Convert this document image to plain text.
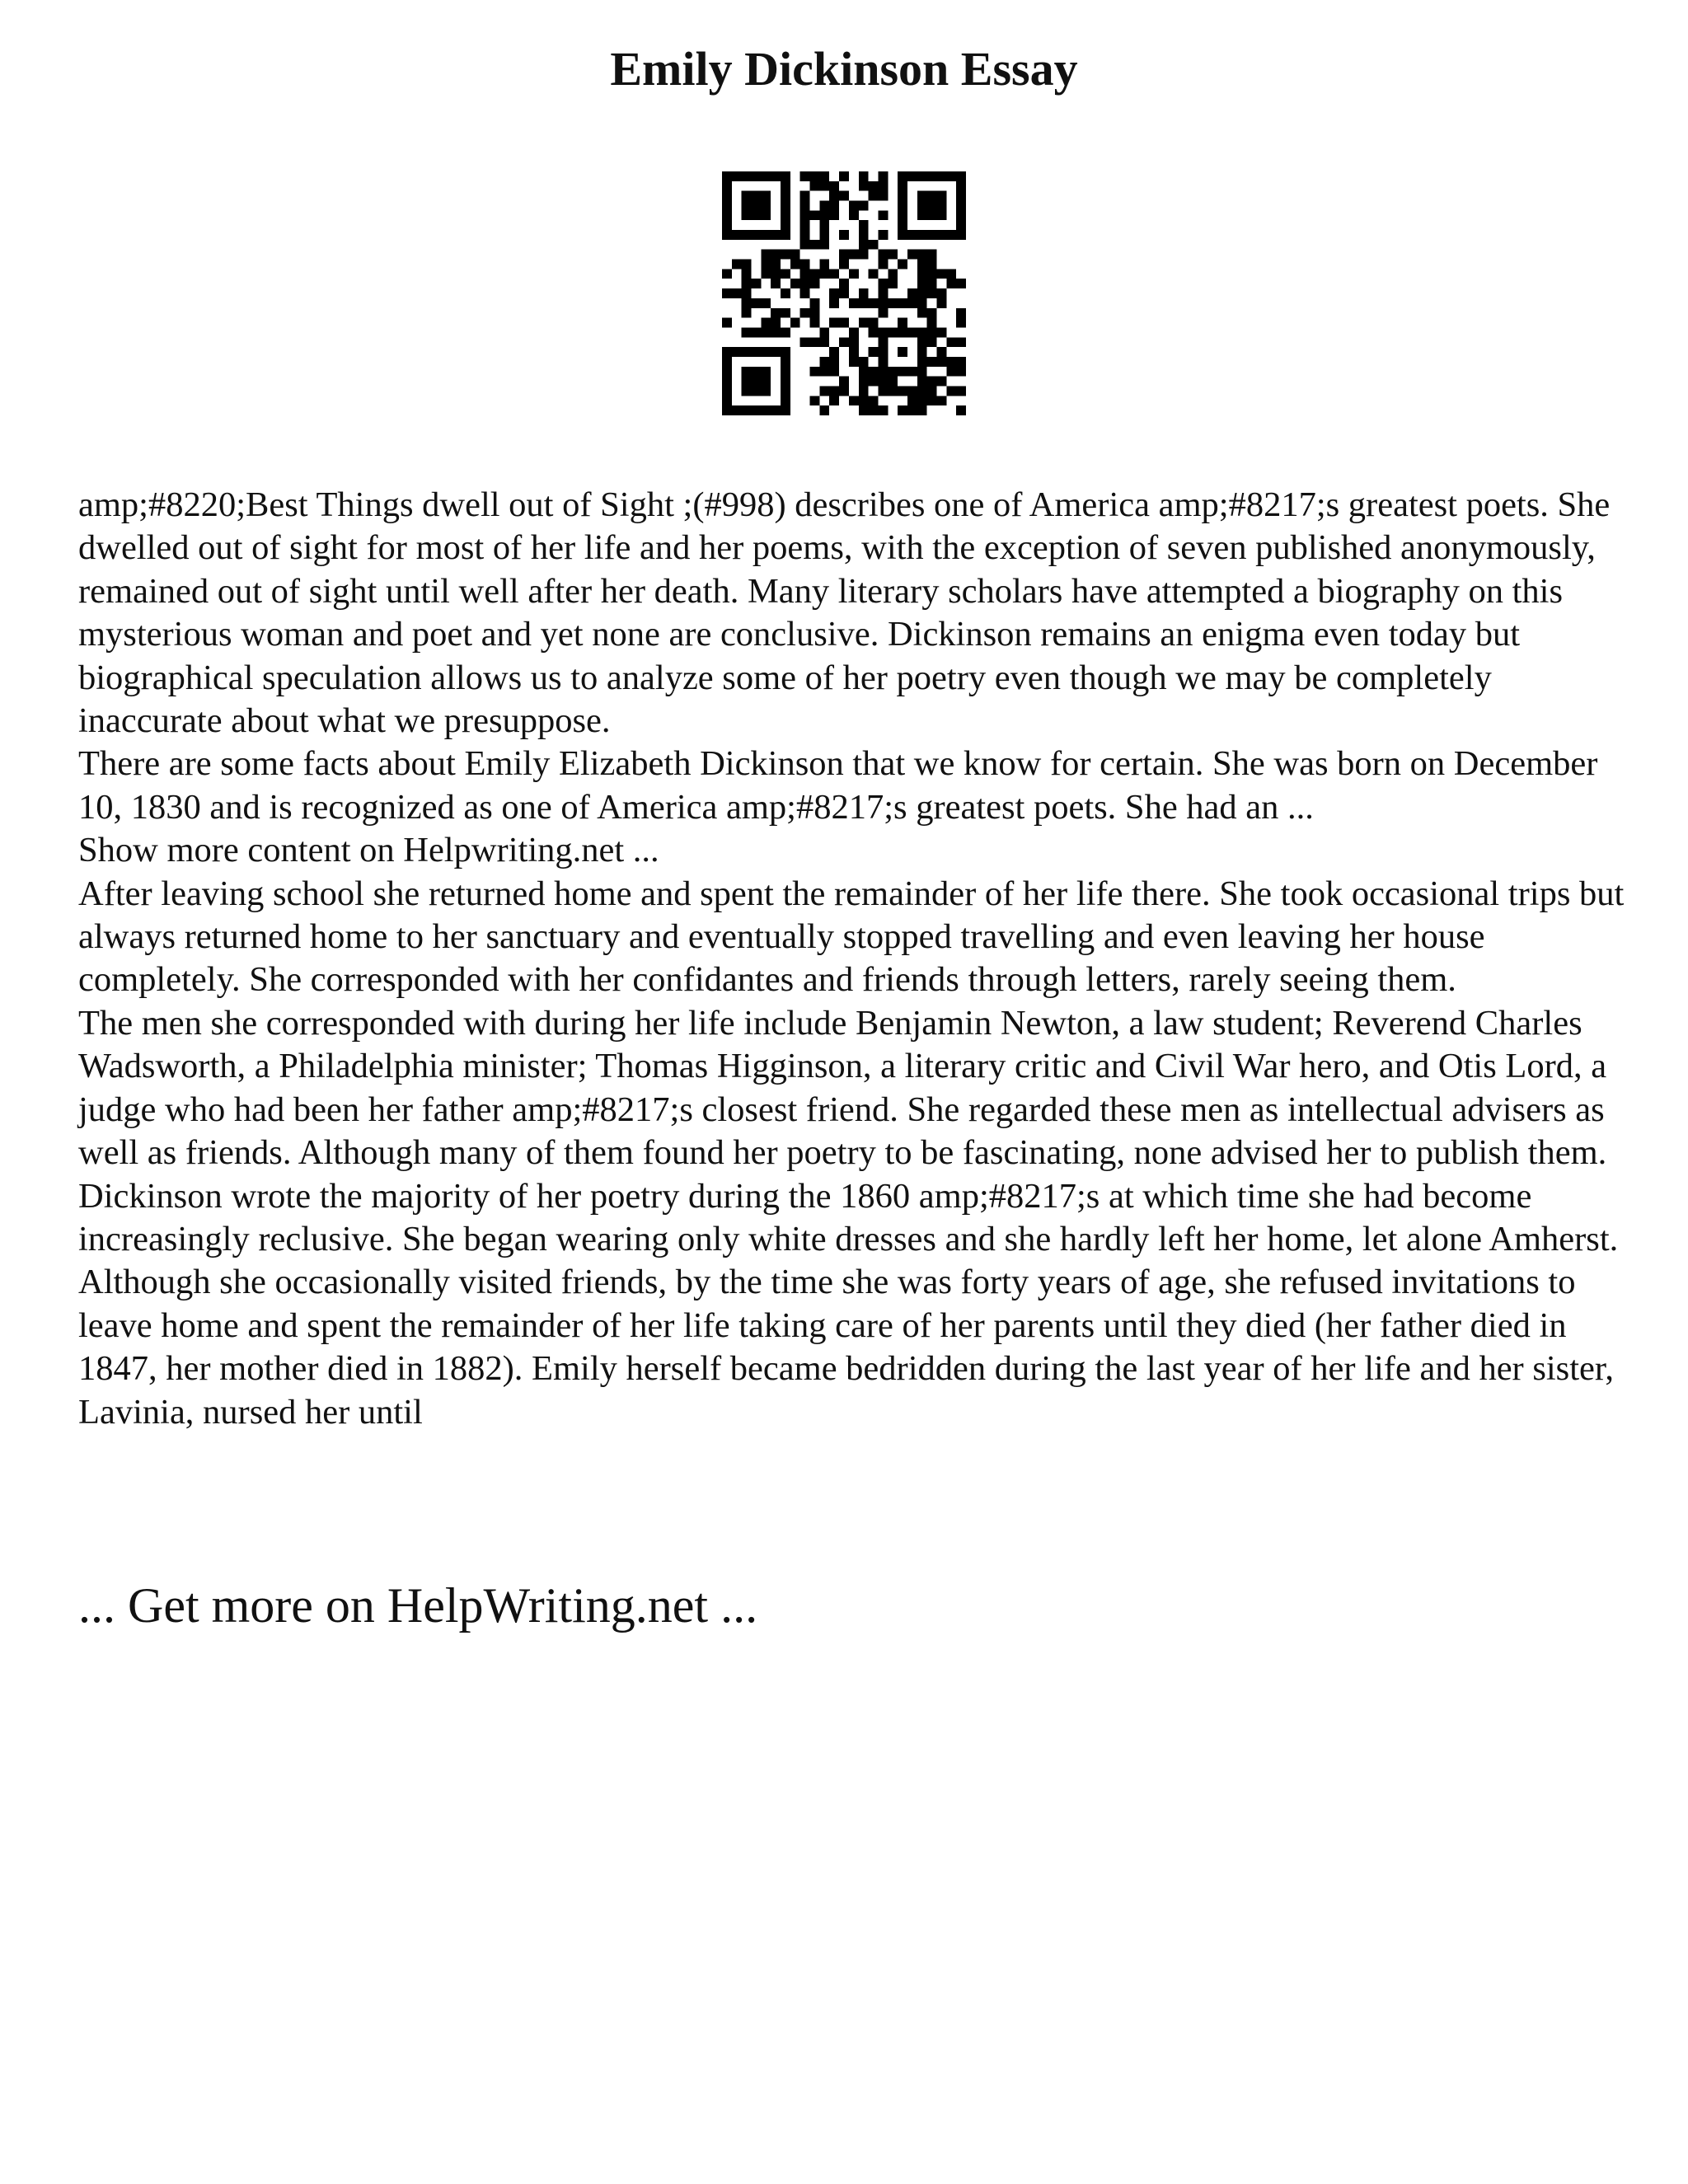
Emily Dickinson Essay

amp;#8220;Best Things dwell out of Sight ;(#998) describes one of America amp;#8217;s greatest poets. She dwelled out of sight for most of her life and her poems, with the exception of seven published anonymously, remained out of sight until well after her death. Many literary scholars have attempted a biography on this mysterious woman and poet and yet none are conclusive. Dickinson remains an enigma even today but biographical speculation allows us to analyze some of her poetry even though we may be completely inaccurate about what we presuppose.

There are some facts about Emily Elizabeth Dickinson that we know for certain. She was born on December 10, 1830 and is recognized as one of America amp;#8217;s greatest poets. She had an ...

Show more content on Helpwriting.net ...

After leaving school she returned home and spent the remainder of her life there. She took occasional trips but always returned home to her sanctuary and eventually stopped travelling and even leaving her house completely. She corresponded with her confidantes and friends through letters, rarely seeing them.

The men she corresponded with during her life include Benjamin Newton, a law student; Reverend Charles Wadsworth, a Philadelphia minister; Thomas Higginson, a literary critic and Civil War hero, and Otis Lord, a judge who had been her father amp;#8217;s closest friend. She regarded these men as intellectual advisers as well as friends. Although many of them found her poetry to be fascinating, none advised her to publish them.

Dickinson wrote the majority of her poetry during the 1860 amp;#8217;s at which time she had become increasingly reclusive. She began wearing only white dresses and she hardly left her home, let alone Amherst. Although she occasionally visited friends, by the time she was forty years of age, she refused invitations to leave home and spent the remainder of her life taking care of her parents until they died (her father died in 1847, her mother died in 1882). Emily herself became bedridden during the last year of her life and her sister, Lavinia, nursed her until

... Get more on HelpWriting.net ...
